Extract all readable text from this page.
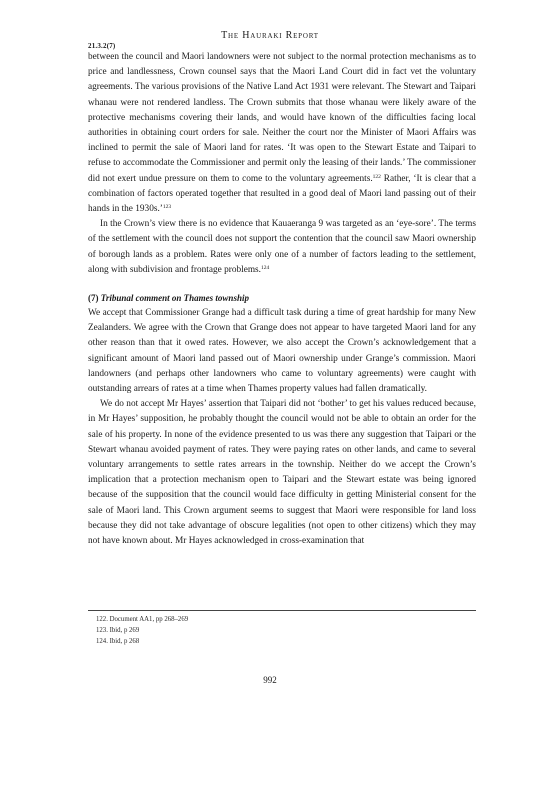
The Hauraki Report
21.3.2(7)

between the council and Maori landowners were not subject to the normal protection mechanisms as to price and landlessness, Crown counsel says that the Maori Land Court did in fact vet the voluntary agreements. The various provisions of the Native Land Act 1931 were relevant. The Stewart and Taipari whanau were not rendered landless. The Crown submits that those whanau were likely aware of the protective mechanisms covering their lands, and would have known of the difficulties facing local authorities in obtaining court orders for sale. Neither the court nor the Minister of Maori Affairs was inclined to permit the sale of Maori land for rates. ‘It was open to the Stewart Estate and Taipari to refuse to accommodate the Commissioner and permit only the leasing of their lands.’ The commissioner did not exert undue pressure on them to come to the voluntary agreements.$^{122}$ Rather, ‘It is clear that a combination of factors operated together that resulted in a good deal of Maori land passing out of their hands in the 1930s.’$^{123}$

In the Crown’s view there is no evidence that Kauaeranga 9 was targeted as an ‘eye-sore’. The terms of the settlement with the council does not support the contention that the council saw Maori ownership of borough lands as a problem. Rates were only one of a number of factors leading to the settlement, along with subdivision and frontage problems.$^{124}$

(7) Tribunal comment on Thames township

We accept that Commissioner Grange had a difficult task during a time of great hardship for many New Zealanders. We agree with the Crown that Grange does not appear to have targeted Maori land for any other reason than that it owed rates. However, we also accept the Crown’s acknowledgement that a significant amount of Maori land passed out of Maori ownership under Grange’s commission. Maori landowners (and perhaps other landowners who came to voluntary agreements) were caught with outstanding arrears of rates at a time when Thames property values had fallen dramatically.

We do not accept Mr Hayes’ assertion that Taipari did not ‘bother’ to get his values reduced because, in Mr Hayes’ supposition, he probably thought the council would not be able to obtain an order for the sale of his property. In none of the evidence presented to us was there any suggestion that Taipari or the Stewart whanau avoided payment of rates. They were paying rates on other lands, and came to several voluntary arrangements to settle rates arrears in the township. Neither do we accept the Crown’s implication that a protection mechanism open to Taipari and the Stewart estate was being ignored because of the supposition that the council would face difficulty in getting Ministerial consent for the sale of Maori land. This Crown argument seems to suggest that Maori were responsible for land loss because they did not take advantage of obscure legalities (not open to other citizens) which they may not have known about. Mr Hayes acknowledged in cross-examination that

122. Document AA1, pp 268–269
123. Ibid, p 269
124. Ibid, p 268
992
